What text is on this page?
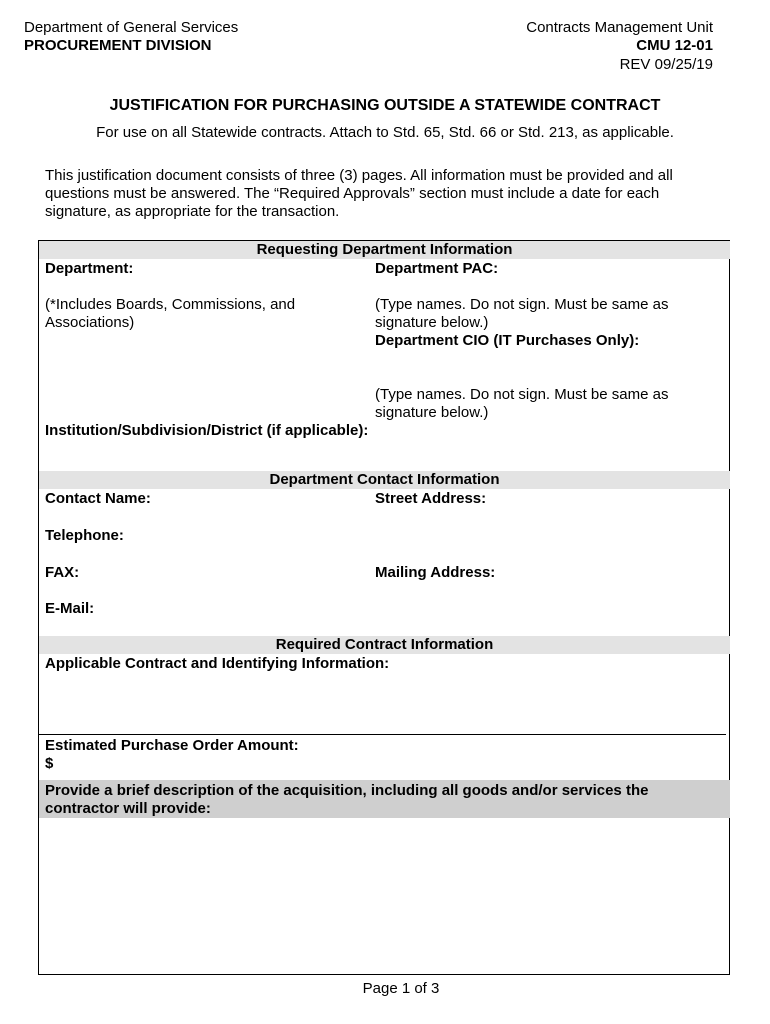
Department of General Services
PROCUREMENT DIVISION
Contracts Management Unit
CMU 12-01
REV 09/25/19
JUSTIFICATION FOR PURCHASING OUTSIDE A STATEWIDE CONTRACT
For use on all Statewide contracts. Attach to Std. 65, Std. 66 or Std. 213, as applicable.
This justification document consists of three (3) pages. All information must be provided and all
questions must be answered. The “Required Approvals” section must include a date for each
signature, as appropriate for the transaction.
Requesting Department Information
Department:	Department PAC:
(*Includes Boards, Commissions, and
Associations)
(Type names. Do not sign. Must be same as
signature below.)
Department CIO (IT Purchases Only):
(Type names. Do not sign. Must be same as
signature below.)
Institution/Subdivision/District (if applicable):
Department Contact Information
Contact Name:	Street Address:
Telephone:
FAX:	Mailing Address:
E-Mail:
Required Contract Information
Applicable Contract and Identifying Information:
Estimated Purchase Order Amount:
$
Provide a brief description of the acquisition, including all goods and/or services the
contractor will provide:
Page 1 of 3
